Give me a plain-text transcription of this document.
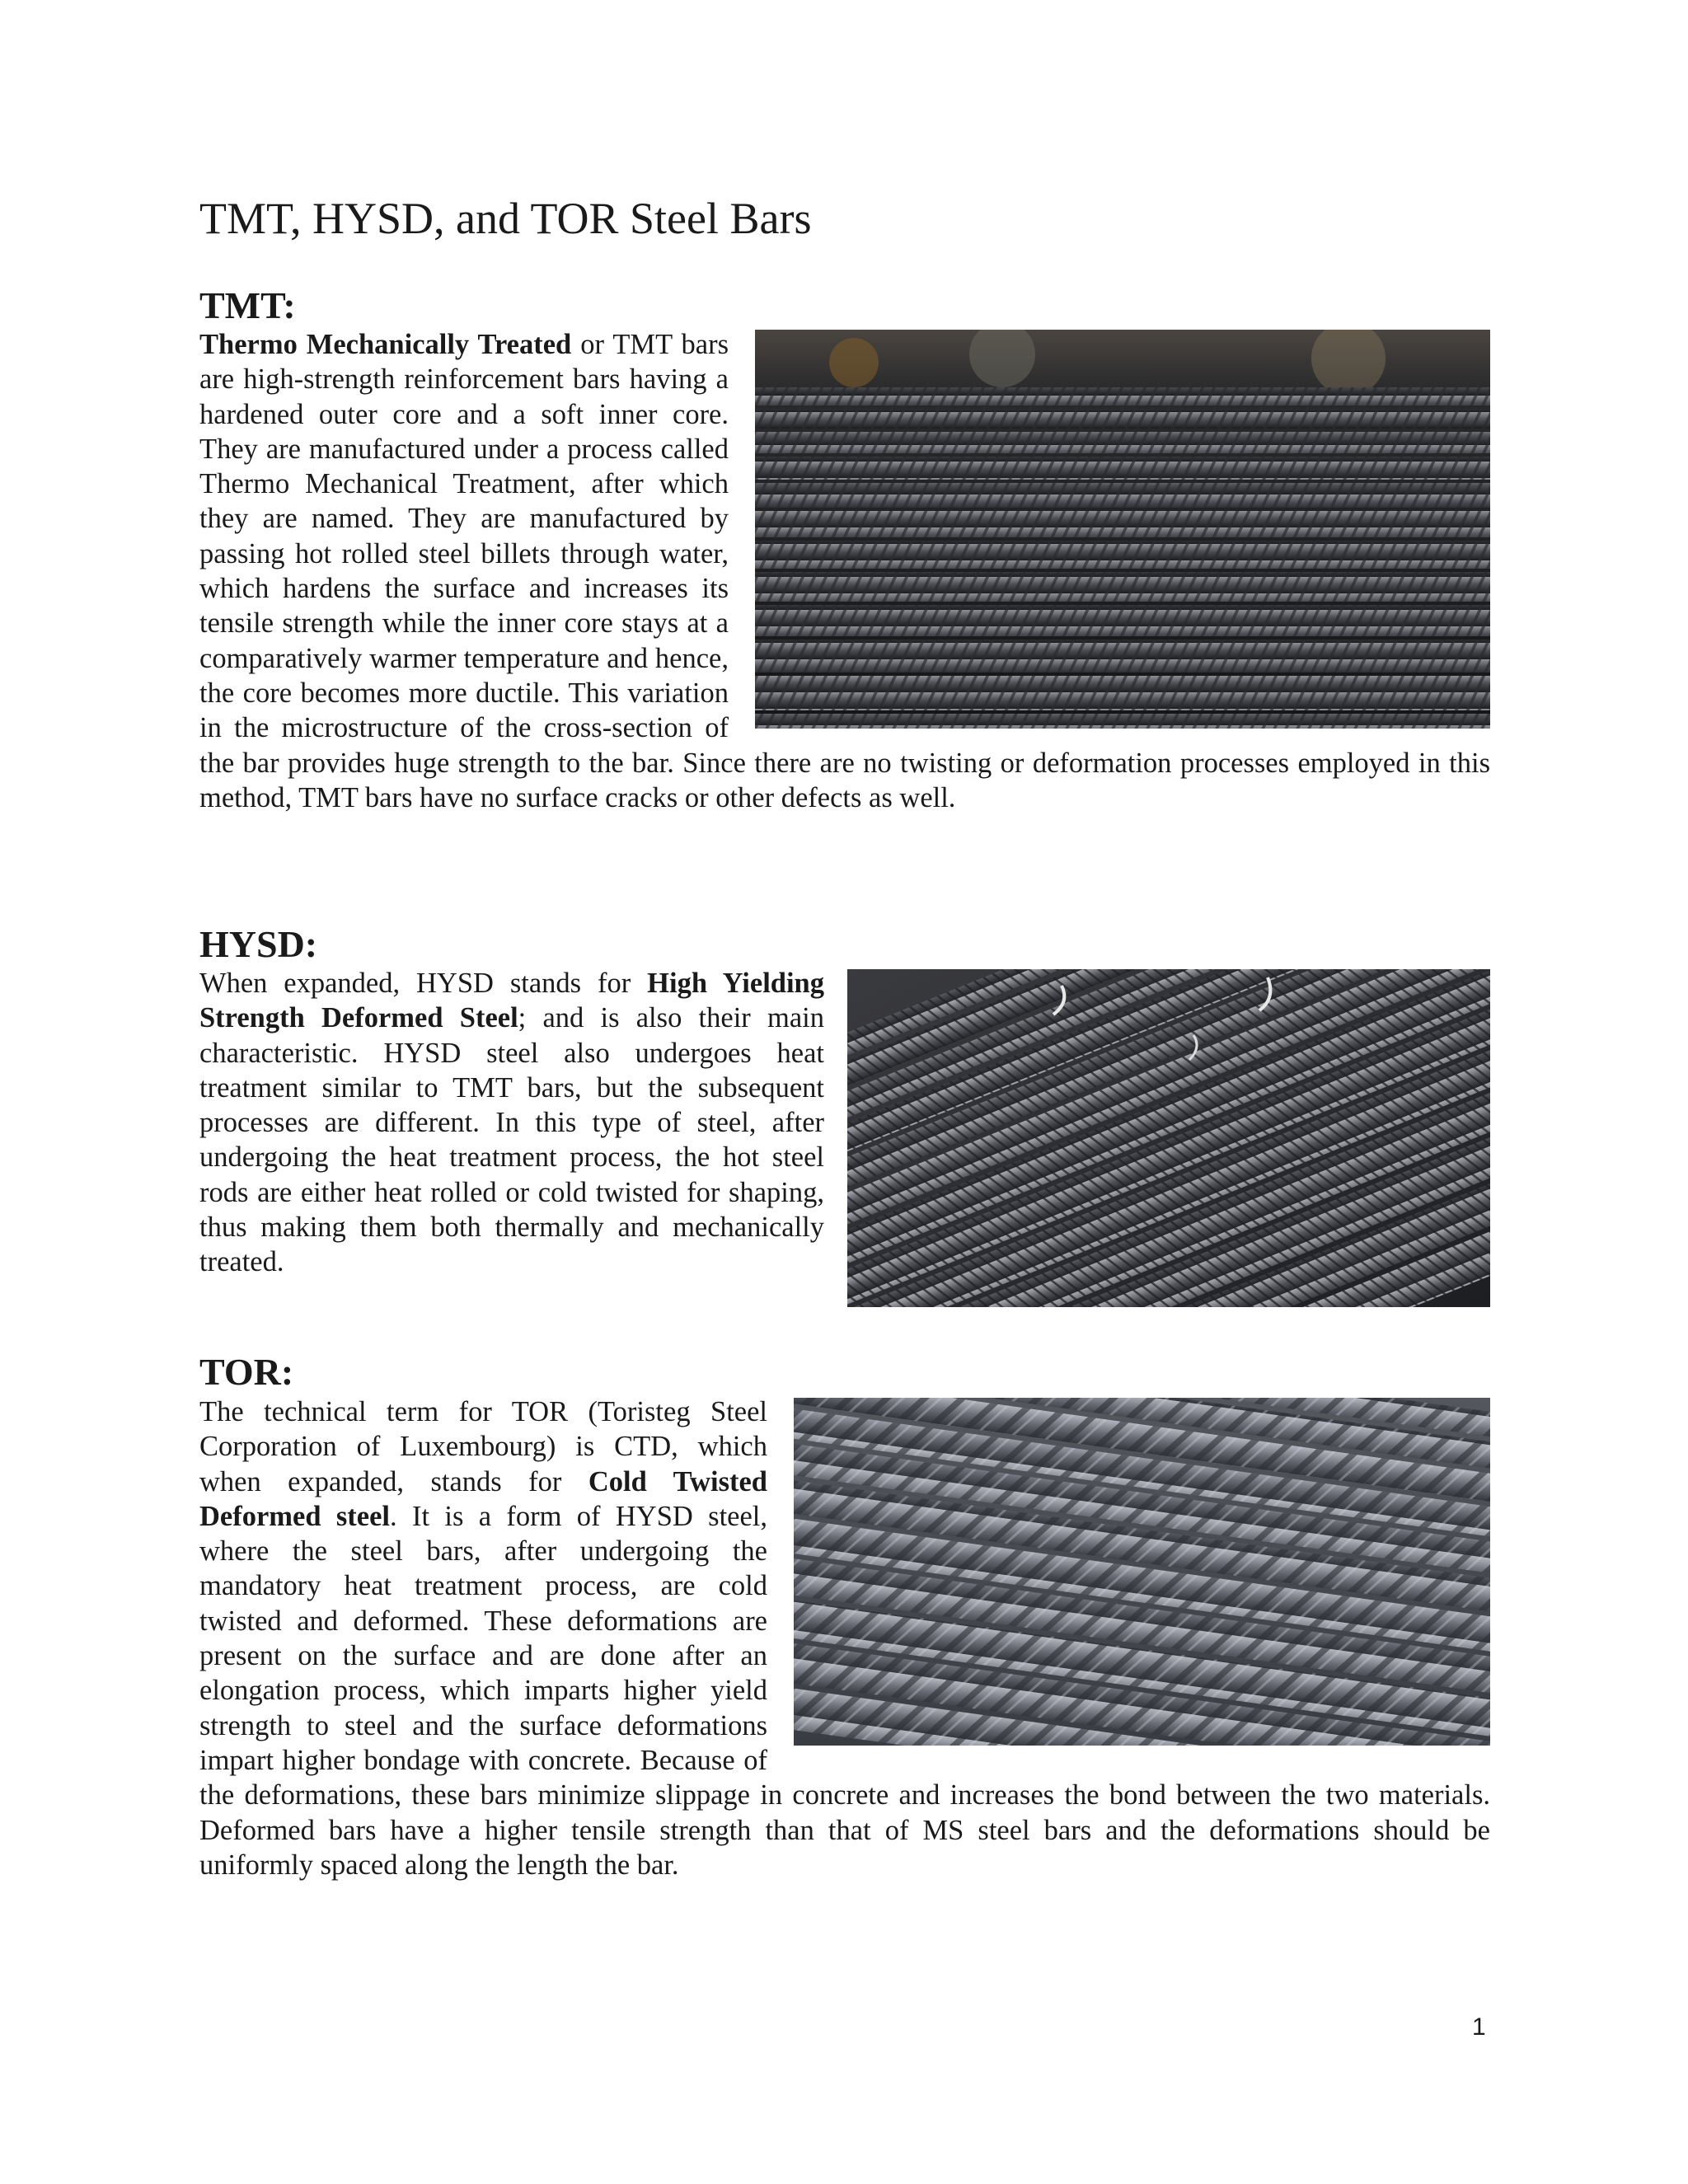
TMT, HYSD, and TOR Steel Bars
TMT:
Thermo Mechanically Treated or TMT bars are high-strength reinforcement bars having a hardened outer core and a soft inner core. They are manufactured under a process called Thermo Mechanical Treatment, after which they are named. They are manufactured by passing hot rolled steel billets through water, which hardens the surface and increases its tensile strength while the inner core stays at a comparatively warmer temperature and hence, the core becomes more ductile. This variation in the microstructure of the cross-section of the bar provides huge strength to the bar. Since there are no twisting or deformation processes employed in this method, TMT bars have no surface cracks or other defects as well.
HYSD:
When expanded, HYSD stands for High Yielding Strength Deformed Steel; and is also their main characteristic. HYSD steel also undergoes heat treatment similar to TMT bars, but the subsequent processes are different. In this type of steel, after undergoing the heat treatment process, the hot steel rods are either heat rolled or cold twisted for shaping, thus making them both thermally and mechanically treated.
TOR:
The technical term for TOR (Toristeg Steel Corporation of Luxembourg) is CTD, which when expanded, stands for Cold Twisted Deformed steel. It is a form of HYSD steel, where the steel bars, after undergoing the mandatory heat treatment process, are cold twisted and deformed. These deformations are present on the surface and are done after an elongation process, which imparts higher yield strength to steel and the surface deformations impart higher bondage with concrete. Because of the deformations, these bars minimize slippage in concrete and increases the bond between the two materials. Deformed bars have a higher tensile strength than that of MS steel bars and the deformations should be uniformly spaced along the length the bar.
1
